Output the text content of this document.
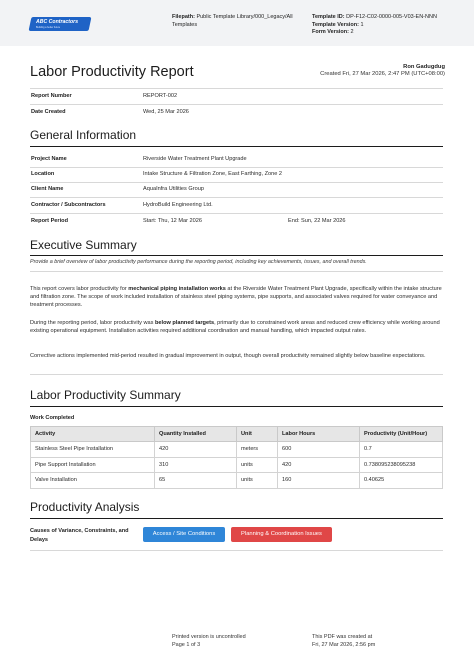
ABC Contractors
Building a better future
Filepath: Public Template Library/000_Legacy/All Templates
Template ID: DP-F12-C02-0000-005-V03-EN-NNN
Template Version: 1
Form Version: 2
Labor Productivity Report	Ron Gadugdug
Created Fri, 27 Mar 2026, 2:47 PM (UTC+08:00)
Report Number	REPORT-002
Date Created	Wed, 25 Mar 2026
General Information
Project Name	Riverside Water Treatment Plant Upgrade
Location	Intake Structure & Filtration Zone, East Farthing, Zone 2
Client Name	AquaInfra Utilities Group
Contractor / Subcontractors	HydroBuild Engineering Ltd.
Report Period	Start: Thu, 12 Mar 2026	End: Sun, 22 Mar 2026
Executive Summary
Provide a brief overview of labor productivity performance during the reporting period, including key achievements, issues, and overall trends.
This report covers labor productivity for mechanical piping installation works at the Riverside Water Treatment Plant Upgrade, specifically within the intake structure and filtration zone. The scope of work included installation of stainless steel piping systems, pipe supports, and associated valves required for water conveyance and treatment processes.
During the reporting period, labor productivity was below planned targets, primarily due to constrained work areas and reduced crew efficiency while working around existing operational equipment. Installation activities required additional coordination and manual handling, which impacted output rates.
Corrective actions implemented mid-period resulted in gradual improvement in output, though overall productivity remained slightly below baseline expectations.
Labor Productivity Summary
Work Completed
Activity	Quantity Installed	Unit	Labor Hours	Productivity (Unit/Hour)
Stainless Steel Pipe Installation	420	meters	600	0.7
Pipe Support Installation	310	units	420	0.738095238095238
Valve Installation	65	units	160	0.40625
Productivity Analysis
Causes of Variance, Constraints, and Delays
Access / Site Conditions	Planning & Coordination Issues
Printed version is uncontrolled
Page 1 of 3
This PDF was created at
Fri, 27 Mar 2026, 2:56 pm
